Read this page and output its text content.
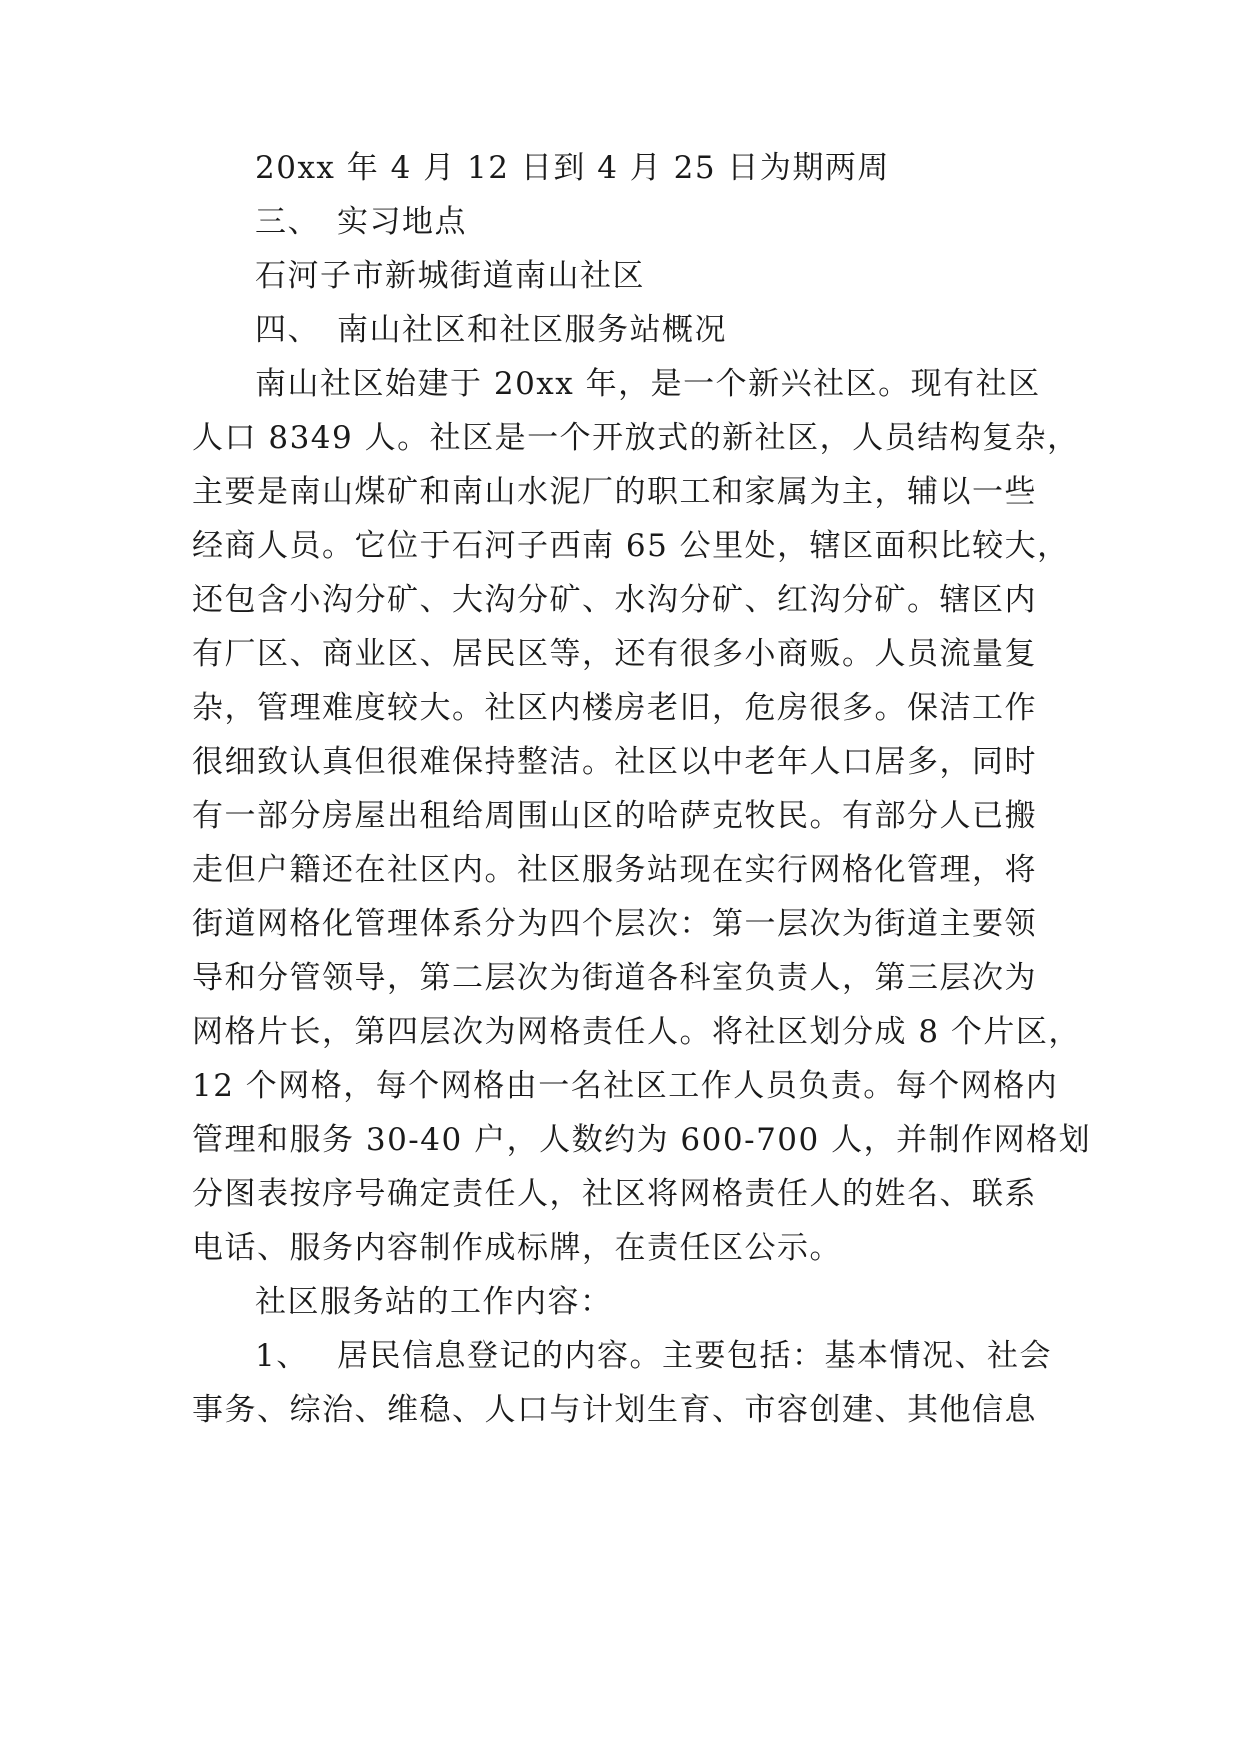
20xx 年 4 月 12 日到 4 月 25 日为期两周

三、 实习地点

石河子市新城街道南山社区

四、 南山社区和社区服务站概况

南山社区始建于 20xx 年，是一个新兴社区。现有社区

人口 8349 人。社区是一个开放式的新社区，人员结构复杂，

主要是南山煤矿和南山水泥厂的职工和家属为主，辅以一些

经商人员。它位于石河子西南 65 公里处，辖区面积比较大，

还包含小沟分矿、大沟分矿、水沟分矿、红沟分矿。辖区内

有厂区、商业区、居民区等，还有很多小商贩。人员流量复

杂，管理难度较大。社区内楼房老旧，危房很多。保洁工作

很细致认真但很难保持整洁。社区以中老年人口居多，同时

有一部分房屋出租给周围山区的哈萨克牧民。有部分人已搬

走但户籍还在社区内。社区服务站现在实行网格化管理，将

街道网格化管理体系分为四个层次：第一层次为街道主要领

导和分管领导，第二层次为街道各科室负责人，第三层次为

网格片长，第四层次为网格责任人。将社区划分成 8 个片区，

12 个网格，每个网格由一名社区工作人员负责。每个网格内

管理和服务 30-40 户，人数约为 600-700 人，并制作网格划

分图表按序号确定责任人，社区将网格责任人的姓名、联系

电话、服务内容制作成标牌，在责任区公示。

社区服务站的工作内容：

1、 居民信息登记的内容。主要包括：基本情况、社会

事务、综治、维稳、人口与计划生育、市容创建、其他信息
